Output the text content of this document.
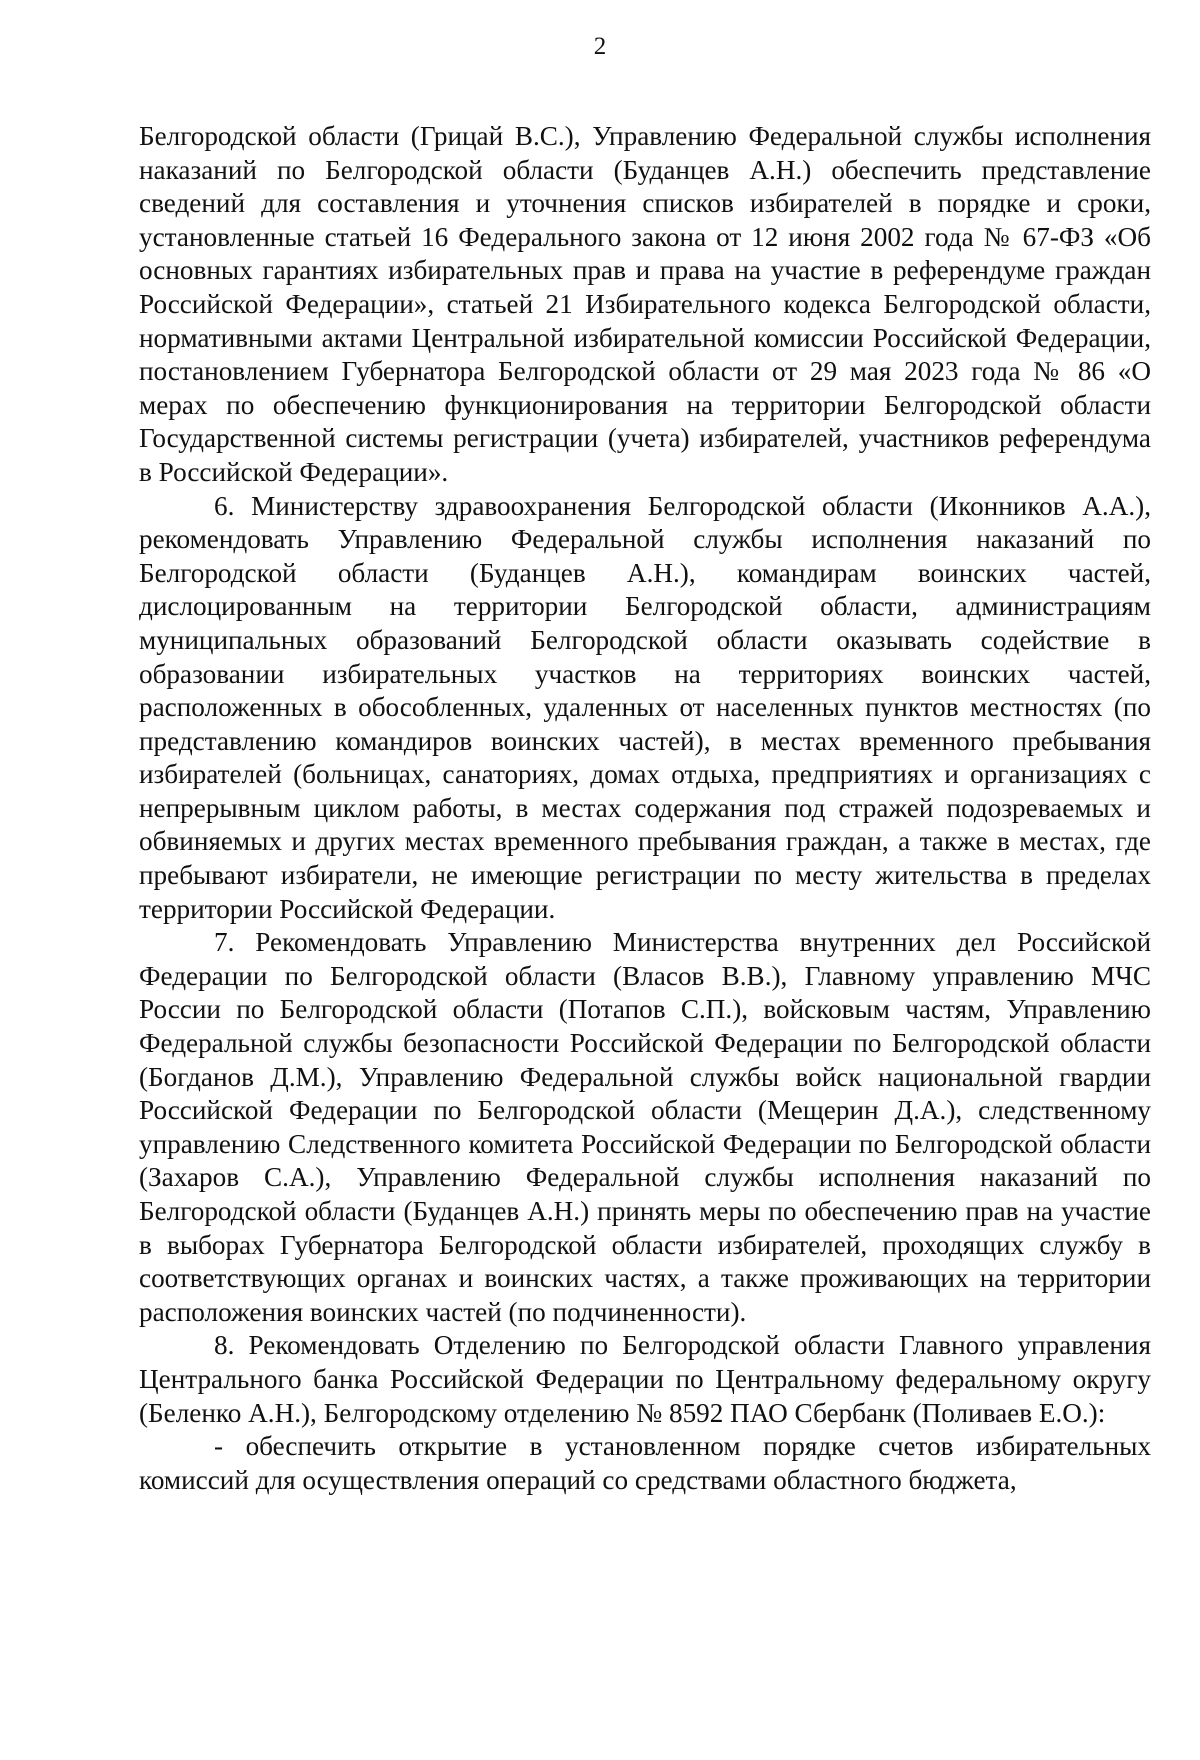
2

Белгородской области (Грицай В.С.), Управлению Федеральной службы исполнения наказаний по Белгородской области (Буданцев А.Н.) обеспечить представление сведений для составления и уточнения списков избирателей в порядке и сроки, установленные статьей 16 Федерального закона от 12 июня 2002 года № 67-ФЗ «Об основных гарантиях избирательных прав и права на участие в референдуме граждан Российской Федерации», статьей 21 Избирательного кодекса Белгородской области, нормативными актами Центральной избирательной комиссии Российской Федерации, постановлением Губернатора Белгородской области от 29 мая 2023 года № 86 «О мерах по обеспечению функционирования на территории Белгородской области Государственной системы регистрации (учета) избирателей, участников референдума в Российской Федерации».

6. Министерству здравоохранения Белгородской области (Иконников А.А.), рекомендовать Управлению Федеральной службы исполнения наказаний по Белгородской области (Буданцев А.Н.), командирам воинских частей, дислоцированным на территории Белгородской области, администрациям муниципальных образований Белгородской области оказывать содействие в образовании избирательных участков на территориях воинских частей, расположенных в обособленных, удаленных от населенных пунктов местностях (по представлению командиров воинских частей), в местах временного пребывания избирателей (больницах, санаториях, домах отдыха, предприятиях и организациях с непрерывным циклом работы, в местах содержания под стражей подозреваемых и обвиняемых и других местах временного пребывания граждан, а также в местах, где пребывают избиратели, не имеющие регистрации по месту жительства в пределах территории Российской Федерации.

7. Рекомендовать Управлению Министерства внутренних дел Российской Федерации по Белгородской области (Власов В.В.), Главному управлению МЧС России по Белгородской области (Потапов С.П.), войсковым частям, Управлению Федеральной службы безопасности Российской Федерации по Белгородской области (Богданов Д.М.), Управлению Федеральной службы войск национальной гвардии Российской Федерации по Белгородской области (Мещерин Д.А.), следственному управлению Следственного комитета Российской Федерации по Белгородской области (Захаров С.А.), Управлению Федеральной службы исполнения наказаний по Белгородской области (Буданцев А.Н.) принять меры по обеспечению прав на участие в выборах Губернатора Белгородской области избирателей, проходящих службу в соответствующих органах и воинских частях, а также проживающих на территории расположения воинских частей (по подчиненности).

8. Рекомендовать Отделению по Белгородской области Главного управления Центрального банка Российской Федерации по Центральному федеральному округу (Беленко А.Н.), Белгородскому отделению № 8592 ПАО Сбербанк (Поливаев Е.О.):

- обеспечить открытие в установленном порядке счетов избирательных комиссий для осуществления операций со средствами областного бюджета,
